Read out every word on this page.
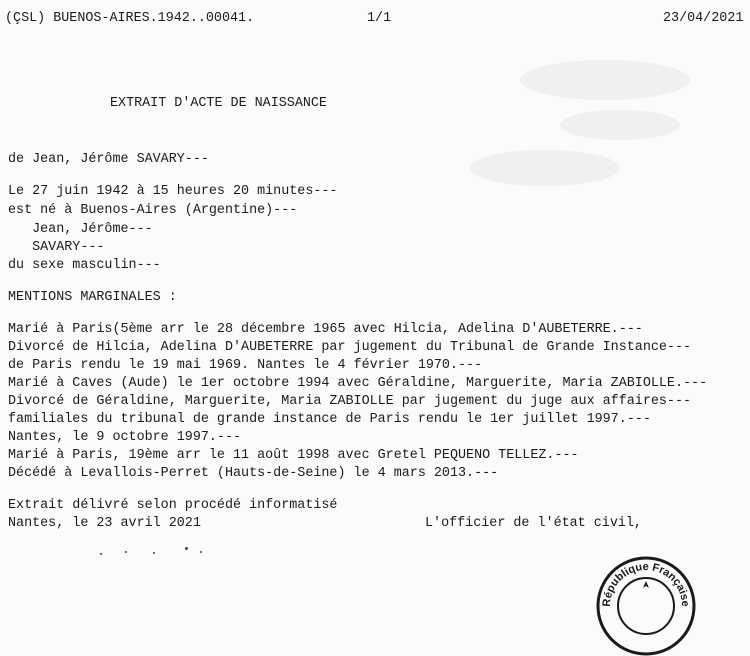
(ÇSL) BUENOS-AIRES.1942..00041.	1/1	23/04/2021
EXTRAIT D'ACTE DE NAISSANCE
de Jean, Jérôme SAVARY---
Le 27 juin 1942 à 15 heures 20 minutes---
est né à Buenos-Aires (Argentine)---
Jean, Jérôme---
SAVARY---
du sexe masculin---
MENTIONS MARGINALES :
Marié à Paris(5ème arr le 28 décembre 1965 avec Hilcia, Adelina D'AUBETERRE.---
Divorcé de Hilcia, Adelina D'AUBETERRE par jugement du Tribunal de Grande Instance---
de Paris rendu le 19 mai 1969. Nantes le 4 février 1970.---
Marié à Caves (Aude) le 1er octobre 1994 avec Géraldine, Marguerite, Maria ZABIOLLE.---
Divorcé de Géraldine, Marguerite, Maria ZABIOLLE par jugement du juge aux affaires---
familiales du tribunal de grande instance de Paris rendu le 1er juillet 1997.---
Nantes, le 9 octobre 1997.---
Marié à Paris, 19ème arr le 11 août 1998 avec Gretel PEQUENO TELLEZ.---
Décédé à Levallois-Perret (Hauts-de-Seine) le 4 mars 2013.---
Extrait délivré selon procédé informatisé
Nantes, le 23 avril 2021	L'officier de l'état civil,
République Française
